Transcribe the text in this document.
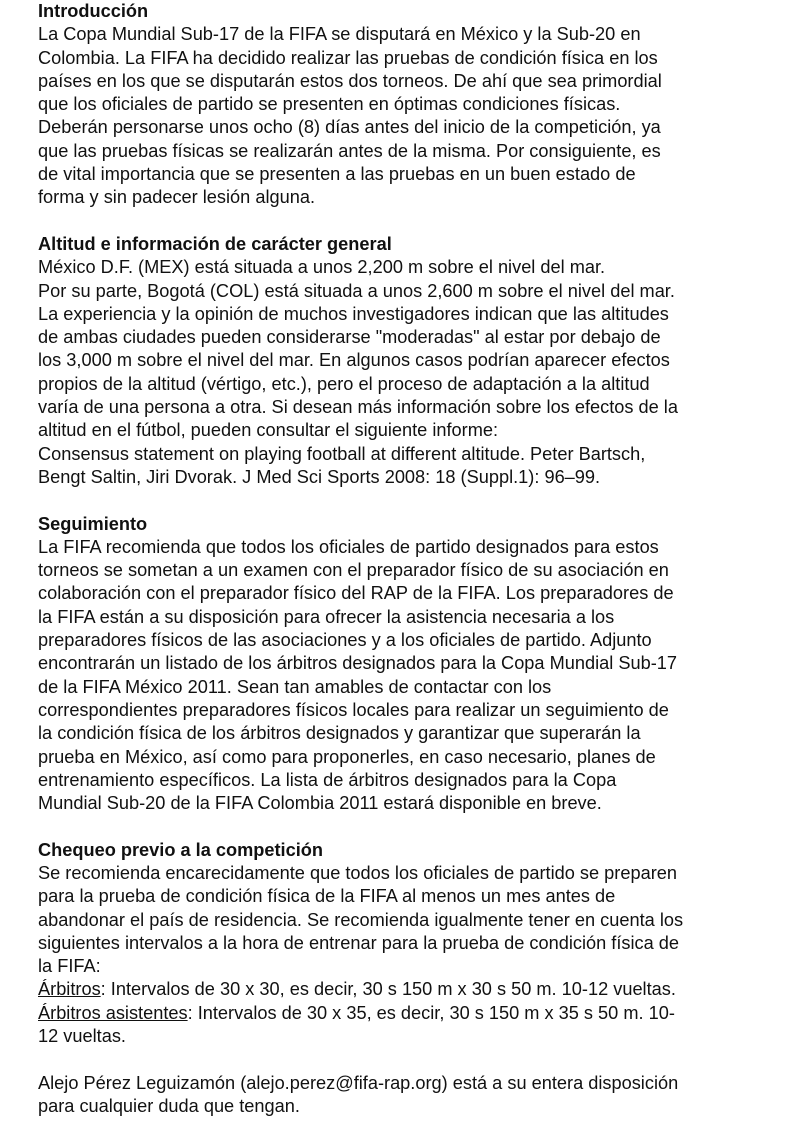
Introducción
La Copa Mundial Sub-17 de la FIFA se disputará en México y la Sub-20 en
Colombia. La FIFA ha decidido realizar las pruebas de condición física en los
países en los que se disputarán estos dos torneos. De ahí que sea primordial
que los oficiales de partido se presenten en óptimas condiciones físicas.
Deberán personarse unos ocho (8) días antes del inicio de la competición, ya
que las pruebas físicas se realizarán antes de la misma. Por consiguiente, es
de vital importancia que se presenten a las pruebas en un buen estado de
forma y sin padecer lesión alguna.
Altitud e información de carácter general
México D.F. (MEX) está situada a unos 2,200 m sobre el nivel del mar.
Por su parte, Bogotá (COL) está situada a unos 2,600 m sobre el nivel del mar.
La experiencia y la opinión de muchos investigadores indican que las altitudes
de ambas ciudades pueden considerarse "moderadas" al estar por debajo de
los 3,000 m sobre el nivel del mar. En algunos casos podrían aparecer efectos
propios de la altitud (vértigo, etc.), pero el proceso de adaptación a la altitud
varía de una persona a otra. Si desean más información sobre los efectos de la
altitud en el fútbol, pueden consultar el siguiente informe:
Consensus statement on playing football at different altitude. Peter Bartsch,
Bengt Saltin, Jiri Dvorak. J Med Sci Sports 2008: 18 (Suppl.1): 96–99.
Seguimiento
La FIFA recomienda que todos los oficiales de partido designados para estos
torneos se sometan a un examen con el preparador físico de su asociación en
colaboración con el preparador físico del RAP de la FIFA. Los preparadores de
la FIFA están a su disposición para ofrecer la asistencia necesaria a los
preparadores físicos de las asociaciones y a los oficiales de partido. Adjunto
encontrarán un listado de los árbitros designados para la Copa Mundial Sub-17
de la FIFA México 2011. Sean tan amables de contactar con los
correspondientes preparadores físicos locales para realizar un seguimiento de
la condición física de los árbitros designados y garantizar que superarán la
prueba en México, así como para proponerles, en caso necesario, planes de
entrenamiento específicos. La lista de árbitros designados para la Copa
Mundial Sub-20 de la FIFA Colombia 2011 estará disponible en breve.
Chequeo previo a la competición
Se recomienda encarecidamente que todos los oficiales de partido se preparen
para la prueba de condición física de la FIFA al menos un mes antes de
abandonar el país de residencia. Se recomienda igualmente tener en cuenta los
siguientes intervalos a la hora de entrenar para la prueba de condición física de
la FIFA:
Árbitros: Intervalos de 30 x 30, es decir, 30 s 150 m x 30 s 50 m. 10-12 vueltas.
Árbitros asistentes: Intervalos de 30 x 35, es decir, 30 s 150 m x 35 s 50 m. 10-
12 vueltas.
Alejo Pérez Leguizamón (alejo.perez@fifa-rap.org) está a su entera disposición
para cualquier duda que tengan.
